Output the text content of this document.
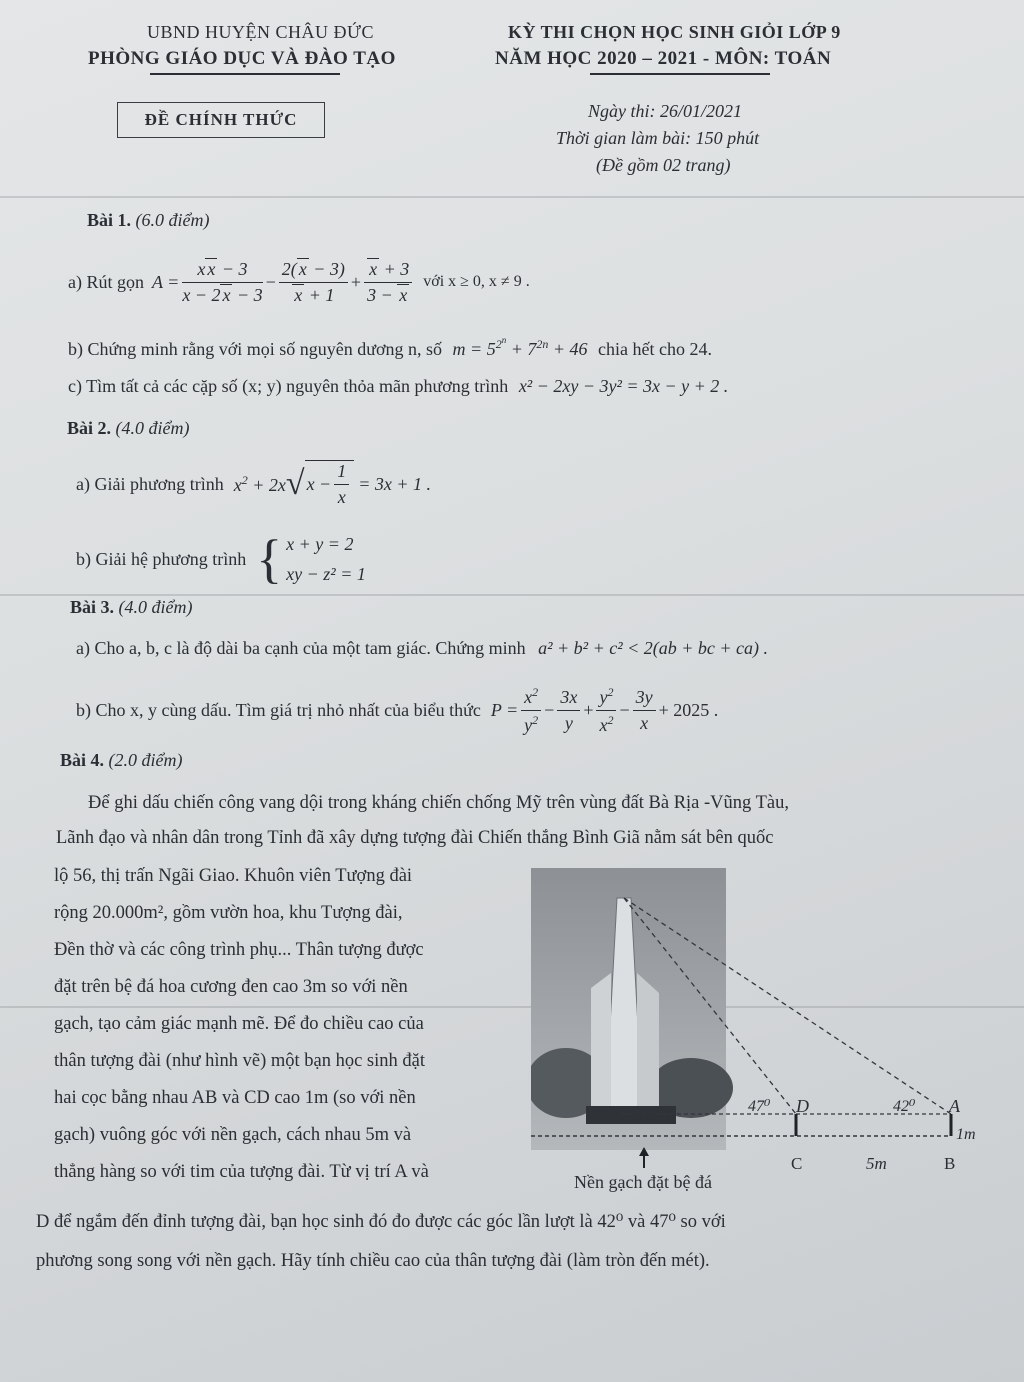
UBND HUYỆN CHÂU ĐỨC
PHÒNG GIÁO DỤC VÀ ĐÀO TẠO
KỲ THI CHỌN HỌC SINH GIỎI LỚP 9
NĂM HỌC 2020 – 2021 - MÔN: TOÁN
ĐỀ CHÍNH THỨC	Ngày thi: 26/01/2021
Thời gian làm bài: 150 phút
(Đề gồm 02 trang)
Bài 1. (6.0 điểm)
a) Rút gọn $A = \frac{\text{x x − 3}}{x - 2 x - 3} - \frac{2( x - 3)}{x + 1} + \frac{x + 3}{3 - x}$ với x ≥ 0, x ≠ 9 .
b) Chứng minh rằng với mọi số nguyên dương n, số $m = 5^{2^n} + 7^{2n} + 46$ chia hết cho 24.
c) Tìm tất cả các cặp số (x; y) nguyên thỏa mãn phương trình x² − 2xy − 3y² = 3x − y + 2 .
Bài 2. (4.0 điểm)
a) Giải phương trình $x^2 + 2x$ √ $x - \frac{1}{x} = 3x + 1$ .
b) Giải hệ phương trình { x + y = 2
xy − z² = 1
Bài 3. (4.0 điểm)
a) Cho a, b, c là độ dài ba cạnh của một tam giác. Chứng minh a² + b² + c² < 2(ab + bc + ca) .
b) Cho x, y cùng dấu. Tìm giá trị nhỏ nhất của biểu thức $P = \frac{x^2}{y^2} - \frac{3x}{y} + \frac{y^2}{x^2} - \frac{3y}{x} + 2025$ .
Bài 4. (2.0 điểm)
Để ghi dấu chiến công vang dội trong kháng chiến chống Mỹ trên vùng đất Bà Rịa -Vũng Tàu,
Lãnh đạo và nhân dân trong Tỉnh đã xây dựng tượng đài Chiến thắng Bình Giã nằm sát bên quốc
lộ 56, thị trấn Ngãi Giao. Khuôn viên Tượng đài
rộng 20.000m², gồm vườn hoa, khu Tượng đài,
Đền thờ và các công trình phụ... Thân tượng được
đặt trên bệ đá hoa cương đen cao 3m so với nền
gạch, tạo cảm giác mạnh mẽ. Để đo chiều cao của
thân tượng đài (như hình vẽ) một bạn học sinh đặt
hai cọc bằng nhau AB và CD cao 1m (so với nền
gạch) vuông góc với nền gạch, cách nhau 5m và
thẳng hàng so với tim của tượng đài. Từ vị trí A và
D để ngắm đến đỉnh tượng đài, bạn học sinh đó đo được các góc lần lượt là 42⁰ và 47⁰ so với
phương song song với nền gạch. Hãy tính chiều cao của thân tượng đài (làm tròn đến mét).
47⁰ D	42⁰ A
1m
C	5m	B
Nền gạch đặt bệ đá
